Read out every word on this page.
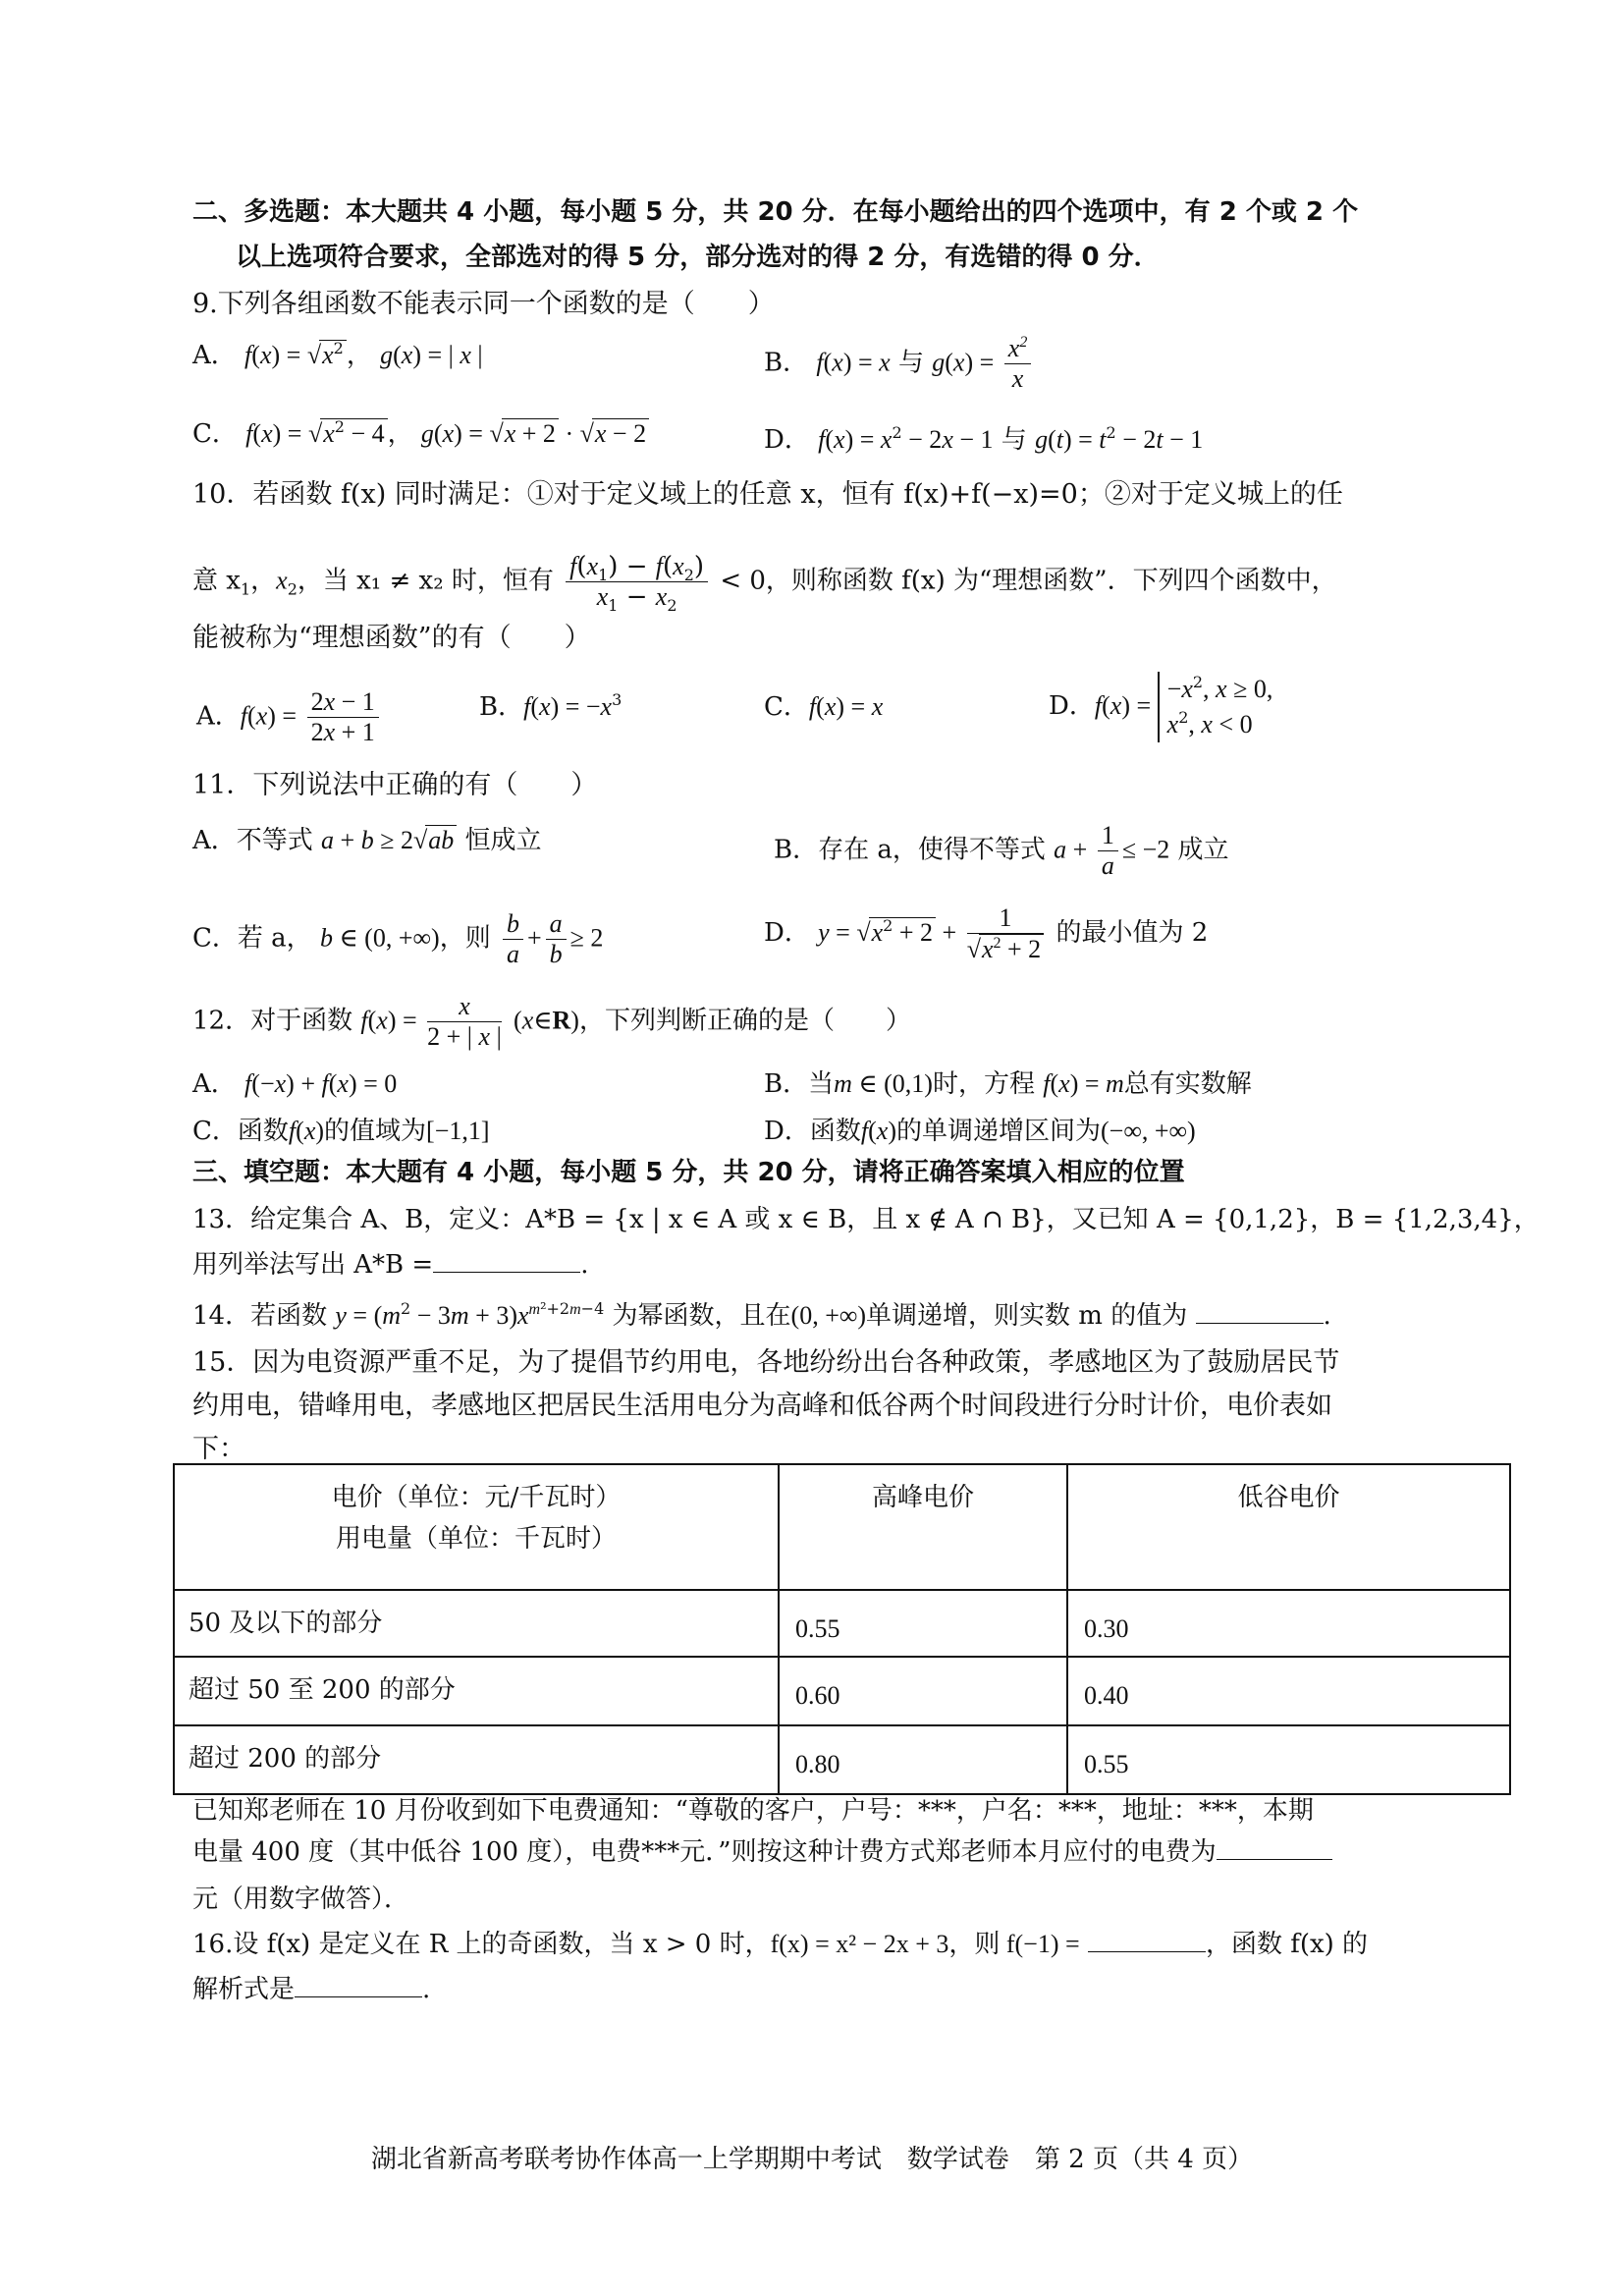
二、多选题：本大题共 4 小题，每小题 5 分，共 20 分．在每小题给出的四个选项中，有 2 个或 2 个
以上选项符合要求，全部选对的得 5 分，部分选对的得 2 分，有选错的得 0 分．
9.下列各组函数不能表示同一个函数的是（　　）
A． $f(x) = √x^2$ ， g(x) = | x |	B． f(x) = x 与 $g(x) = \frac{x^2}{x}$
C． $f(x) = √x^2 - 4$ ， g(x) = √x + 2 · √x − 2	D． $f(x) = x^2 - 2x - 1$ 与 $g(t) = t^2 - 2t - 1$
10．若函数 f(x) 同时满足：①对于定义域上的任意 x，恒有 f(x)+f(−x)=0；②对于定义城上的任
意 $x_1$，$x_2$，当 x₁ ≠ x₂ 时，恒有 $\frac{f(x_1) - f(x_2)}{x_1 - x_2} < 0$，则称函数 f(x) 为“理想函数”．下列四个函数中，
能被称为“理想函数”的有（　　）
A．$f(x) = \frac{2x - 1}{2x + 1}$	B．$f(x) = -x^3$	C．f(x) = x	D．f(x) =
$-x^2$, x ≥ 0,
$x^2$, x < 0
11．下列说法中正确的有（　　）
A．不等式 a + b ≥ 2√ab 恒成立	B．存在 a，使得不等式 $a + \frac{1}{a} \le -2$ 成立
C．若 a， b ∈ (0, +∞)，则 $\frac{b}{a} + \frac{a}{b} \ge 2$	D． $y = √x^2 + 2 + \frac{1}{√x^2 + 2}$ 的最小值为 2
12．对于函数 $f(x) = \frac{x}{2 + | x |}$ (x∈R)，下列判断正确的是（　　）
A． f(−x) + f(x) = 0	B．当m ∈ (0,1)时，方程 f(x) = m总有实数解
C．函数f(x)的值域为[−1,1]	D．函数f(x)的单调递增区间为(−∞, +∞)
三、填空题：本大题有 4 小题，每小题 5 分，共 20 分，请将正确答案填入相应的位置
13．给定集合 A、B，定义：A*B = {x | x ∈ A 或 x ∈ B，且 x ∉ A ∩ B}，又已知 A = {0,1,2}，B = {1,2,3,4}，
用列举法写出 A*B =	.
14．若函数 $y = (m^2 - 3m + 3)x^{m^2+2m-4}$ 为幂函数，且在(0, +∞)单调递增，则实数 m 的值为	.
15．因为电资源严重不足，为了提倡节约用电，各地纷纷出台各种政策，孝感地区为了鼓励居民节
约用电，错峰用电，孝感地区把居民生活用电分为高峰和低谷两个时间段进行分时计价，电价表如
下：
电价（单位：元/千瓦时）
用电量（单位：千瓦时）	高峰电价	低谷电价
50 及以下的部分	0.55	0.30
超过 50 至 200 的部分	0.60	0.40
超过 200 的部分	0.80	0.55
已知郑老师在 10 月份收到如下电费通知：“尊敬的客户，户号：***，户名：***，地址：***，本期
电量 400 度（其中低谷 100 度），电费***元．”则按这种计费方式郑老师本月应付的电费为
元（用数字做答）．
16.设 f(x) 是定义在 R 上的奇函数，当 x > 0 时，f(x) = x² − 2x + 3，则 f(−1) =	，函数 f(x) 的
解析式是	.
湖北省新高考联考协作体高一上学期期中考试　数学试卷　第 2 页（共 4 页）
